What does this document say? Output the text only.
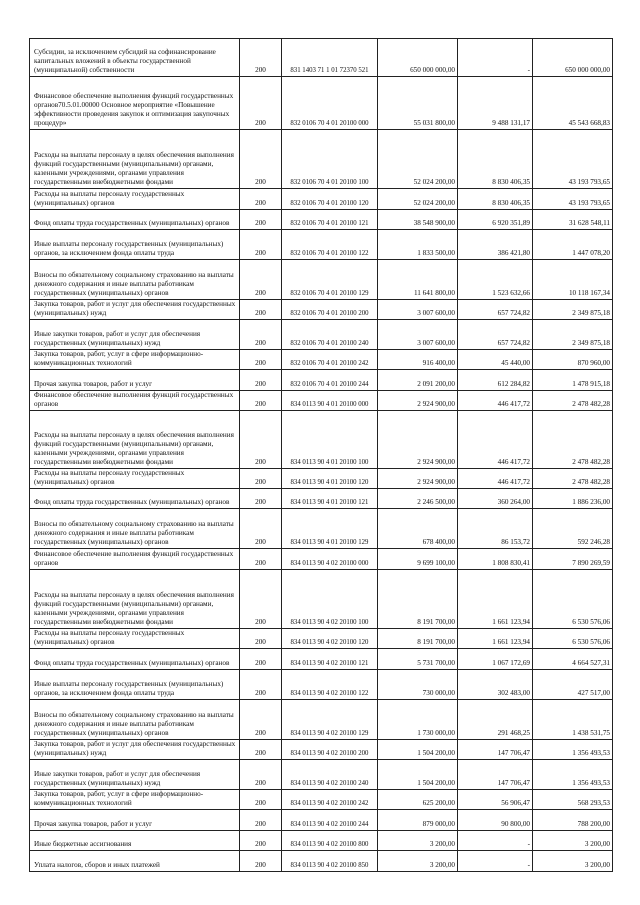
Субсидии, за исключением субсидий на софинансирование капитальных вложений в объекты государственной (муниципальной) собственности	200	831 1403 71 1 01 72370 521	650 000 000,00	-	650 000 000,00
Финансовое обеспечение выполнения функций государственных органов70.5.01.00000 Основное мероприятие «Повышение эффективности проведения закупок и оптимизация закупочных процедур»	200	832 0106 70 4 01 20100 000	55 031 800,00	9 488 131,17	45 543 668,83
Расходы на выплаты персоналу в целях обеспечения выполнения функций государственными (муниципальными) органами, казенными учреждениями, органами управления государственными внебюджетными фондами	200	832 0106 70 4 01 20100 100	52 024 200,00	8 830 406,35	43 193 793,65
Расходы на выплаты персоналу государственных (муниципальных) органов	200	832 0106 70 4 01 20100 120	52 024 200,00	8 830 406,35	43 193 793,65
Фонд оплаты труда государственных (муниципальных) органов	200	832 0106 70 4 01 20100 121	38 548 900,00	6 920 351,89	31 628 548,11
Иные выплаты персоналу государственных (муниципальных) органов, за исключением фонда оплаты труда	200	832 0106 70 4 01 20100 122	1 833 500,00	386 421,80	1 447 078,20
Взносы по обязательному социальному страхованию на выплаты денежного содержания и иные выплаты работникам государственных (муниципальных) органов	200	832 0106 70 4 01 20100 129	11 641 800,00	1 523 632,66	10 118 167,34
Закупка товаров, работ и услуг для обеспечения государственных (муниципальных) нужд	200	832 0106 70 4 01 20100 200	3 007 600,00	657 724,82	2 349 875,18
Иные закупки товаров, работ и услуг для обеспечения государственных (муниципальных) нужд	200	832 0106 70 4 01 20100 240	3 007 600,00	657 724,82	2 349 875,18
Закупка товаров, работ, услуг в сфере информационно-коммуникационных технологий	200	832 0106 70 4 01 20100 242	916 400,00	45 440,00	870 960,00
Прочая закупка товаров, работ и услуг	200	832 0106 70 4 01 20100 244	2 091 200,00	612 284,82	1 478 915,18
Финансовое обеспечение выполнения функций государственных органов	200	834 0113 90 4 01 20100 000	2 924 900,00	446 417,72	2 478 482,28
Расходы на выплаты персоналу в целях обеспечения выполнения функций государственными (муниципальными) органами, казенными учреждениями, органами управления государственными внебюджетными фондами	200	834 0113 90 4 01 20100 100	2 924 900,00	446 417,72	2 478 482,28
Расходы на выплаты персоналу государственных (муниципальных) органов	200	834 0113 90 4 01 20100 120	2 924 900,00	446 417,72	2 478 482,28
Фонд оплаты труда государственных (муниципальных) органов	200	834 0113 90 4 01 20100 121	2 246 500,00	360 264,00	1 886 236,00
Взносы по обязательному социальному страхованию на выплаты денежного содержания и иные выплаты работникам государственных (муниципальных) органов	200	834 0113 90 4 01 20100 129	678 400,00	86 153,72	592 246,28
Финансовое обеспечение выполнения функций государственных органов	200	834 0113 90 4 02 20100 000	9 699 100,00	1 808 830,41	7 890 269,59
Расходы на выплаты персоналу в целях обеспечения выполнения функций государственными (муниципальными) органами, казенными учреждениями, органами управления государственными внебюджетными фондами	200	834 0113 90 4 02 20100 100	8 191 700,00	1 661 123,94	6 530 576,06
Расходы на выплаты персоналу государственных (муниципальных) органов	200	834 0113 90 4 02 20100 120	8 191 700,00	1 661 123,94	6 530 576,06
Фонд оплаты труда государственных (муниципальных) органов	200	834 0113 90 4 02 20100 121	5 731 700,00	1 067 172,69	4 664 527,31
Иные выплаты персоналу государственных (муниципальных) органов, за исключением фонда оплаты труда	200	834 0113 90 4 02 20100 122	730 000,00	302 483,00	427 517,00
Взносы по обязательному социальному страхованию на выплаты денежного содержания и иные выплаты работникам государственных (муниципальных) органов	200	834 0113 90 4 02 20100 129	1 730 000,00	291 468,25	1 438 531,75
Закупка товаров, работ и услуг для обеспечения государственных (муниципальных) нужд	200	834 0113 90 4 02 20100 200	1 504 200,00	147 706,47	1 356 493,53
Иные закупки товаров, работ и услуг для обеспечения государственных (муниципальных) нужд	200	834 0113 90 4 02 20100 240	1 504 200,00	147 706,47	1 356 493,53
Закупка товаров, работ, услуг в сфере информационно-коммуникационных технологий	200	834 0113 90 4 02 20100 242	625 200,00	56 906,47	568 293,53
Прочая закупка товаров, работ и услуг	200	834 0113 90 4 02 20100 244	879 000,00	90 800,00	788 200,00
Иные бюджетные ассигнования	200	834 0113 90 4 02 20100 800	3 200,00	-	3 200,00
Уплата налогов, сборов и иных платежей	200	834 0113 90 4 02 20100 850	3 200,00	-	3 200,00
